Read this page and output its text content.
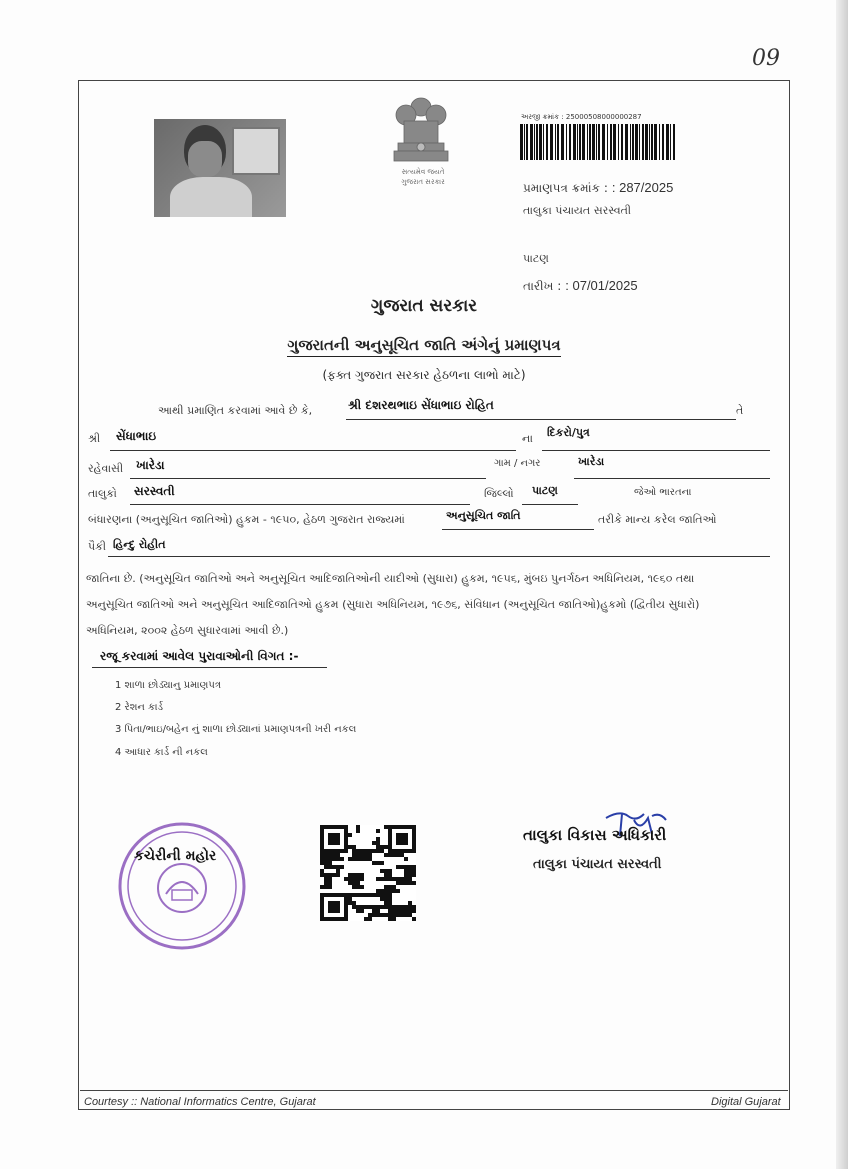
09
સત્યમેવ જયતે
ગુજરાત સરકાર
અરજી ક્રમાંક : 25000508000000287
પ્રમાણપત્ર ક્રમાંક : : 287/2025
તાલુકા પંચાયત સરસ્વતી
પાટણ
તારીખ : : 07/01/2025
ગુજરાત સરકાર
ગુજરાતની અનુસૂચિત જાતિ અંગેનું પ્રમાણપત્ર
(ફક્ત ગુજરાત સરકાર હેઠળના લાભો માટે)
આથી પ્રમાણિત કરવામાં આવે છે કે,	શ્રી દશરથભાઇ સેંધાભાઇ રોહિત	તે
શ્રી સેંધાભાઇ	ના દિકરો/પુત્ર
રહેવાસી ખારેડા	ગામ / નગર	ખારેડા
તાલુકો સરસ્વતી	જિલ્લો પાટણ	જેઓ ભારતના
બંધારણના (અનુસૂચિત જાતિઓ) હુકમ - ૧૯૫૦, હેઠળ ગુજરાત રાજ્યમાં	અનુસૂચિત જાતિ	તરીકે માન્ય કરેલ જાતિઓ
પૈકી હિન્દુ રોહીત
જાતિના છે. (અનુસૂચિત જાતિઓ અને અનુસૂચિત આદિજાતિઓની યાદીઓ (સુધારા) હુકમ, ૧૯૫૬, મુંબઇ પુનર્ગઠન અધિનિયમ, ૧૯૬૦ તથા
અનુસૂચિત જાતિઓ અને અનુસૂચિત આદિજાતિઓ હુકમ (સુધારા અધિનિયમ, ૧૯૭૬, સંવિધાન (અનુસૂચિત જાતિઓ)હુકમો (દ્વિતીય સુધારો)
અધિનિયમ, ૨૦૦૨ હેઠળ સુધારવામાં આવી છે.)
રજૂ કરવામાં આવેલ પુરાવાઓની વિગત :-
1 શાળા છોડ્યાનુ પ્રમાણપત્ર
2 રેશન કાર્ડ
3 પિતા/ભાઇ/બહેન નું શાળા છોડ્યાનાં પ્રમાણપત્રની ખરી નકલ
4 આધાર કાર્ડ ની નકલ
કચેરીની મહોર
તાલુકા વિકાસ અધિકારી
તાલુકા પંચાયત સરસ્વતી
Courtesy :: National Informatics Centre, Gujarat	Digital Gujarat
